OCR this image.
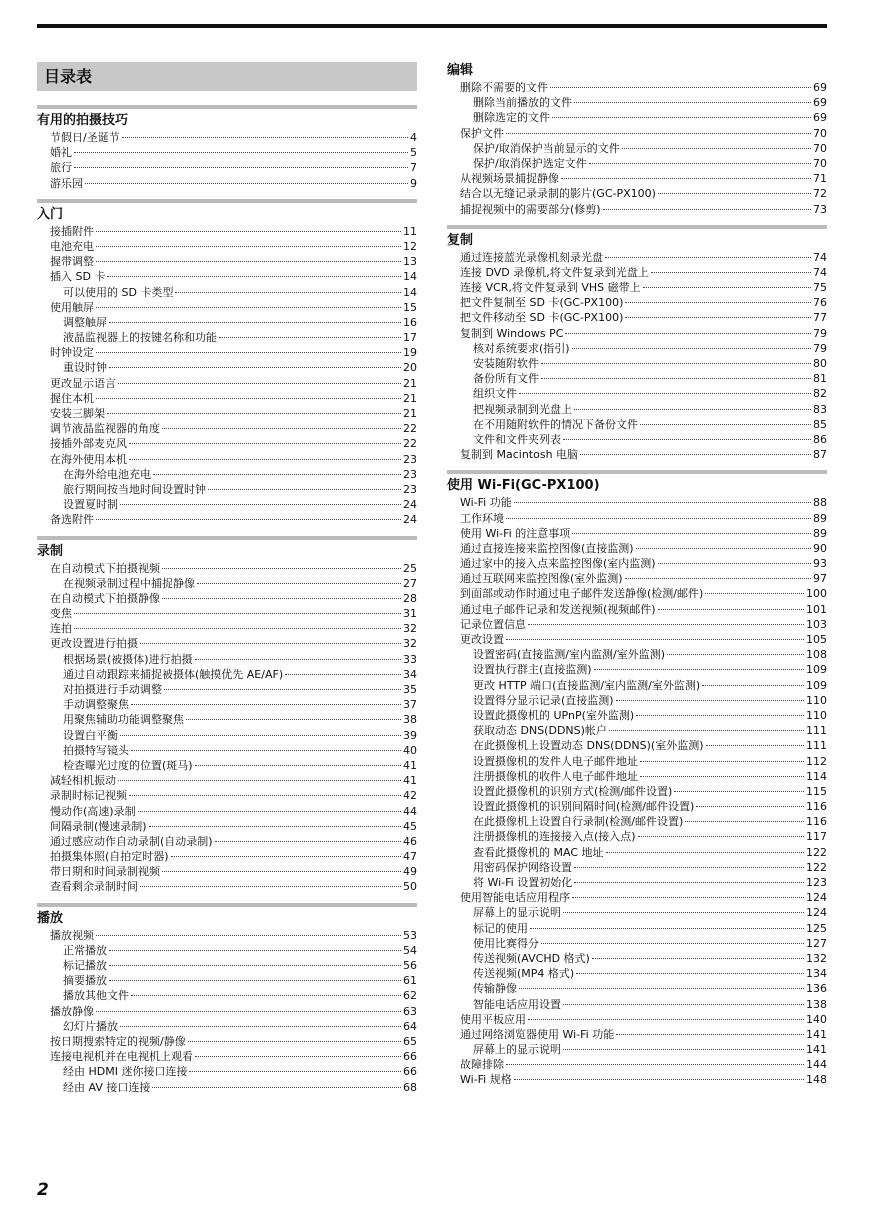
目录表
有用的拍摄技巧
节假日/圣诞节	4
婚礼	5
旅行	7
游乐园	9
入门
接插附件	11
电池充电	12
握带调整	13
插入 SD 卡	14
可以使用的 SD 卡类型	14
使用触屏	15
调整触屏	16
液晶监视器上的按键名称和功能	17
时钟设定	19
重设时钟	20
更改显示语言	21
握住本机	21
安装三脚架	21
调节液晶监视器的角度	22
接插外部麦克风	22
在海外使用本机	23
在海外给电池充电	23
旅行期间按当地时间设置时钟	23
设置夏时制	24
备选附件	24
录制
在自动模式下拍摄视频	25
在视频录制过程中捕捉静像	27
在自动模式下拍摄静像	28
变焦	31
连拍	32
更改设置进行拍摄	32
根据场景(被摄体)进行拍摄	33
通过自动跟踪来捕捉被摄体(触摸优先 AE/AF)	34
对拍摄进行手动调整	35
手动调整聚焦	37
用聚焦辅助功能调整聚焦	38
设置白平衡	39
拍摄特写镜头	40
检查曝光过度的位置(斑马)	41
减轻相机振动	41
录制时标记视频	42
慢动作(高速)录制	44
间隔录制(慢速录制)	45
通过感应动作自动录制(自动录制)	46
拍摄集体照(自拍定时器)	47
带日期和时间录制视频	49
查看剩余录制时间	50
播放
播放视频	53
正常播放	54
标记播放	56
摘要播放	61
播放其他文件	62
播放静像	63
幻灯片播放	64
按日期搜索特定的视频/静像	65
连接电视机并在电视机上观看	66
经由 HDMI 迷你接口连接	66
经由 AV 接口连接	68
编辑
删除不需要的文件	69
删除当前播放的文件	69
删除选定的文件	69
保护文件	70
保护/取消保护当前显示的文件	70
保护/取消保护选定文件	70
从视频场景捕捉静像	71
结合以无缝记录录制的影片(GC-PX100)	72
捕捉视频中的需要部分(修剪)	73
复制
通过连接蓝光录像机刻录光盘	74
连接 DVD 录像机,将文件复录到光盘上	74
连接 VCR,将文件复录到 VHS 磁带上	75
把文件复制至 SD 卡(GC-PX100)	76
把文件移动至 SD 卡(GC-PX100)	77
复制到 Windows PC	79
核对系统要求(指引)	79
安装随附软件	80
备份所有文件	81
组织文件	82
把视频录制到光盘上	83
在不用随附软件的情况下备份文件	85
文件和文件夹列表	86
复制到 Macintosh 电脑	87
使用 Wi-Fi(GC-PX100)
Wi-Fi 功能	88
工作环境	89
使用 Wi-Fi 的注意事项	89
通过直接连接来监控图像(直接监测)	90
通过家中的接入点来监控图像(室内监测)	93
通过互联网来监控图像(室外监测)	97
到面部或动作时通过电子邮件发送静像(检测/邮件)	100
通过电子邮件记录和发送视频(视频邮件)	101
记录位置信息	103
更改设置	105
设置密码(直接监测/室内监测/室外监测)	108
设置执行群主(直接监测)	109
更改 HTTP 端口(直接监测/室内监测/室外监测)	109
设置得分显示记录(直接监测)	110
设置此摄像机的 UPnP(室外监测)	110
获取动态 DNS(DDNS)帐户	111
在此摄像机上设置动态 DNS(DDNS)(室外监测)	111
设置摄像机的发件人电子邮件地址	112
注册摄像机的收件人电子邮件地址	114
设置此摄像机的识别方式(检测/邮件设置)	115
设置此摄像机的识别间隔时间(检测/邮件设置)	116
在此摄像机上设置自行录制(检测/邮件设置)	116
注册摄像机的连接接入点(接入点)	117
查看此摄像机的 MAC 地址	122
用密码保护网络设置	122
将 Wi-Fi 设置初始化	123
使用智能电话应用程序	124
屏幕上的显示说明	124
标记的使用	125
使用比赛得分	127
传送视频(AVCHD 格式)	132
传送视频(MP4 格式)	134
传输静像	136
智能电话应用设置	138
使用平板应用	140
通过网络浏览器使用 Wi-Fi 功能	141
屏幕上的显示说明	141
故障排除	144
Wi-Fi 规格	148
2
